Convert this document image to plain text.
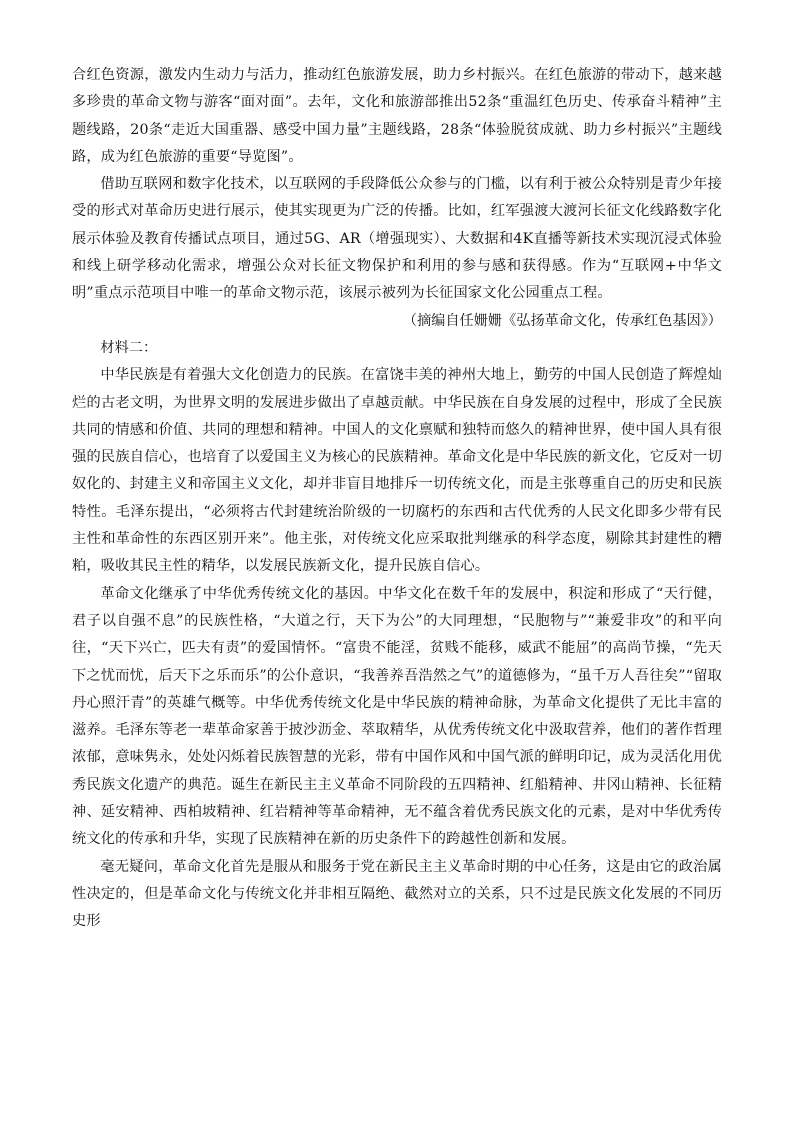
合红色资源，激发内生动力与活力，推动红色旅游发展，助力乡村振兴。在红色旅游的带动下，越来越多珍贵的革命文物与游客“面对面”。去年，文化和旅游部推出52条“重温红色历史、传承奋斗精神”主题线路，20条“走近大国重器、感受中国力量”主题线路，28条“体验脱贫成就、助力乡村振兴”主题线路，成为红色旅游的重要“导览图”。

借助互联网和数字化技术，以互联网的手段降低公众参与的门槛，以有利于被公众特别是青少年接受的形式对革命历史进行展示，使其实现更为广泛的传播。比如，红军强渡大渡河长征文化线路数字化展示体验及教育传播试点项目，通过5G、AR（增强现实）、大数据和4K直播等新技术实现沉浸式体验和线上研学移动化需求，增强公众对长征文物保护和利用的参与感和获得感。作为“互联网+中华文明”重点示范项目中唯一的革命文物示范，该展示被列为长征国家文化公园重点工程。

（摘编自任姗姗《弘扬革命文化，传承红色基因》）

材料二：

中华民族是有着强大文化创造力的民族。在富饶丰美的神州大地上，勤劳的中国人民创造了辉煌灿烂的古老文明，为世界文明的发展进步做出了卓越贡献。中华民族在自身发展的过程中，形成了全民族共同的情感和价值、共同的理想和精神。中国人的文化禀赋和独特而悠久的精神世界，使中国人具有很强的民族自信心，也培育了以爱国主义为核心的民族精神。革命文化是中华民族的新文化，它反对一切奴化的、封建主义和帝国主义文化，却并非盲目地排斥一切传统文化，而是主张尊重自己的历史和民族特性。毛泽东提出，“必须将古代封建统治阶级的一切腐朽的东西和古代优秀的人民文化即多少带有民主性和革命性的东西区别开来”。他主张，对传统文化应采取批判继承的科学态度，剔除其封建性的糟粕，吸收其民主性的精华，以发展民族新文化，提升民族自信心。

革命文化继承了中华优秀传统文化的基因。中华文化在数千年的发展中，积淀和形成了“天行健，君子以自强不息”的民族性格，“大道之行，天下为公”的大同理想，“民胞物与”“兼爱非攻”的和平向往，“天下兴亡，匹夫有责”的爱国情怀。“富贵不能淫，贫贱不能移，威武不能屈”的高尚节操，“先天下之忧而忧，后天下之乐而乐”的公仆意识，“我善养吾浩然之气”的道德修为，“虽千万人吾往矣”“留取丹心照汗青”的英雄气概等。中华优秀传统文化是中华民族的精神命脉，为革命文化提供了无比丰富的滋养。毛泽东等老一辈革命家善于披沙沥金、萃取精华，从优秀传统文化中汲取营养，他们的著作哲理浓郁，意味隽永，处处闪烁着民族智慧的光彩，带有中国作风和中国气派的鲜明印记，成为灵活化用优秀民族文化遗产的典范。诞生在新民主主义革命不同阶段的五四精神、红船精神、井冈山精神、长征精神、延安精神、西柏坡精神、红岩精神等革命精神，无不蕴含着优秀民族文化的元素，是对中华优秀传统文化的传承和升华，实现了民族精神在新的历史条件下的跨越性创新和发展。

毫无疑问，革命文化首先是服从和服务于党在新民主主义革命时期的中心任务，这是由它的政治属性决定的，但是革命文化与传统文化并非相互隔绝、截然对立的关系，只不过是民族文化发展的不同历史形
